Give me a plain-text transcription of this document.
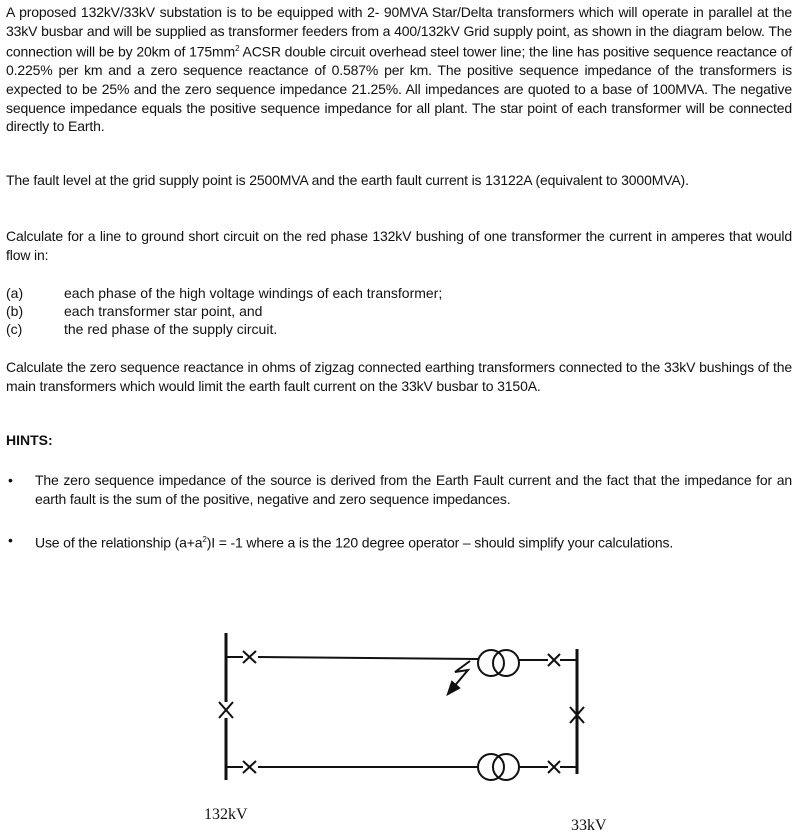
A proposed 132kV/33kV substation is to be equipped with 2- 90MVA Star/Delta transformers which will operate in parallel at the 33kV busbar and will be supplied as transformer feeders from a 400/132kV Grid supply point, as shown in the diagram below. The connection will be by 20km of $175mm^2$ ACSR double circuit overhead steel tower line; the line has positive sequence reactance of 0.225% per km and a zero sequence reactance of 0.587% per km. The positive sequence impedance of the transformers is expected to be 25% and the zero sequence impedance 21.25%. All impedances are quoted to a base of 100MVA. The negative sequence impedance equals the positive sequence impedance for all plant. The star point of each transformer will be connected directly to Earth.

The fault level at the grid supply point is 2500MVA and the earth fault current is 13122A (equivalent to 3000MVA).

Calculate for a line to ground short circuit on the red phase 132kV bushing of one transformer the current in amperes that would flow in:

(a)	each phase of the high voltage windings of each transformer;
(b)	each transformer star point, and
(c)	the red phase of the supply circuit.

Calculate the zero sequence reactance in ohms of zigzag connected earthing transformers connected to the 33kV bushings of the main transformers which would limit the earth fault current on the 33kV busbar to 3150A.

HINTS:
• The zero sequence impedance of the source is derived from the Earth Fault current and the fact that the impedance for an earth fault is the sum of the positive, negative and zero sequence impedances.
• Use of the relationship $(a+a^2)I = -1$ where a is the 120 degree operator – should simplify your calculations.
132kV
33kV
